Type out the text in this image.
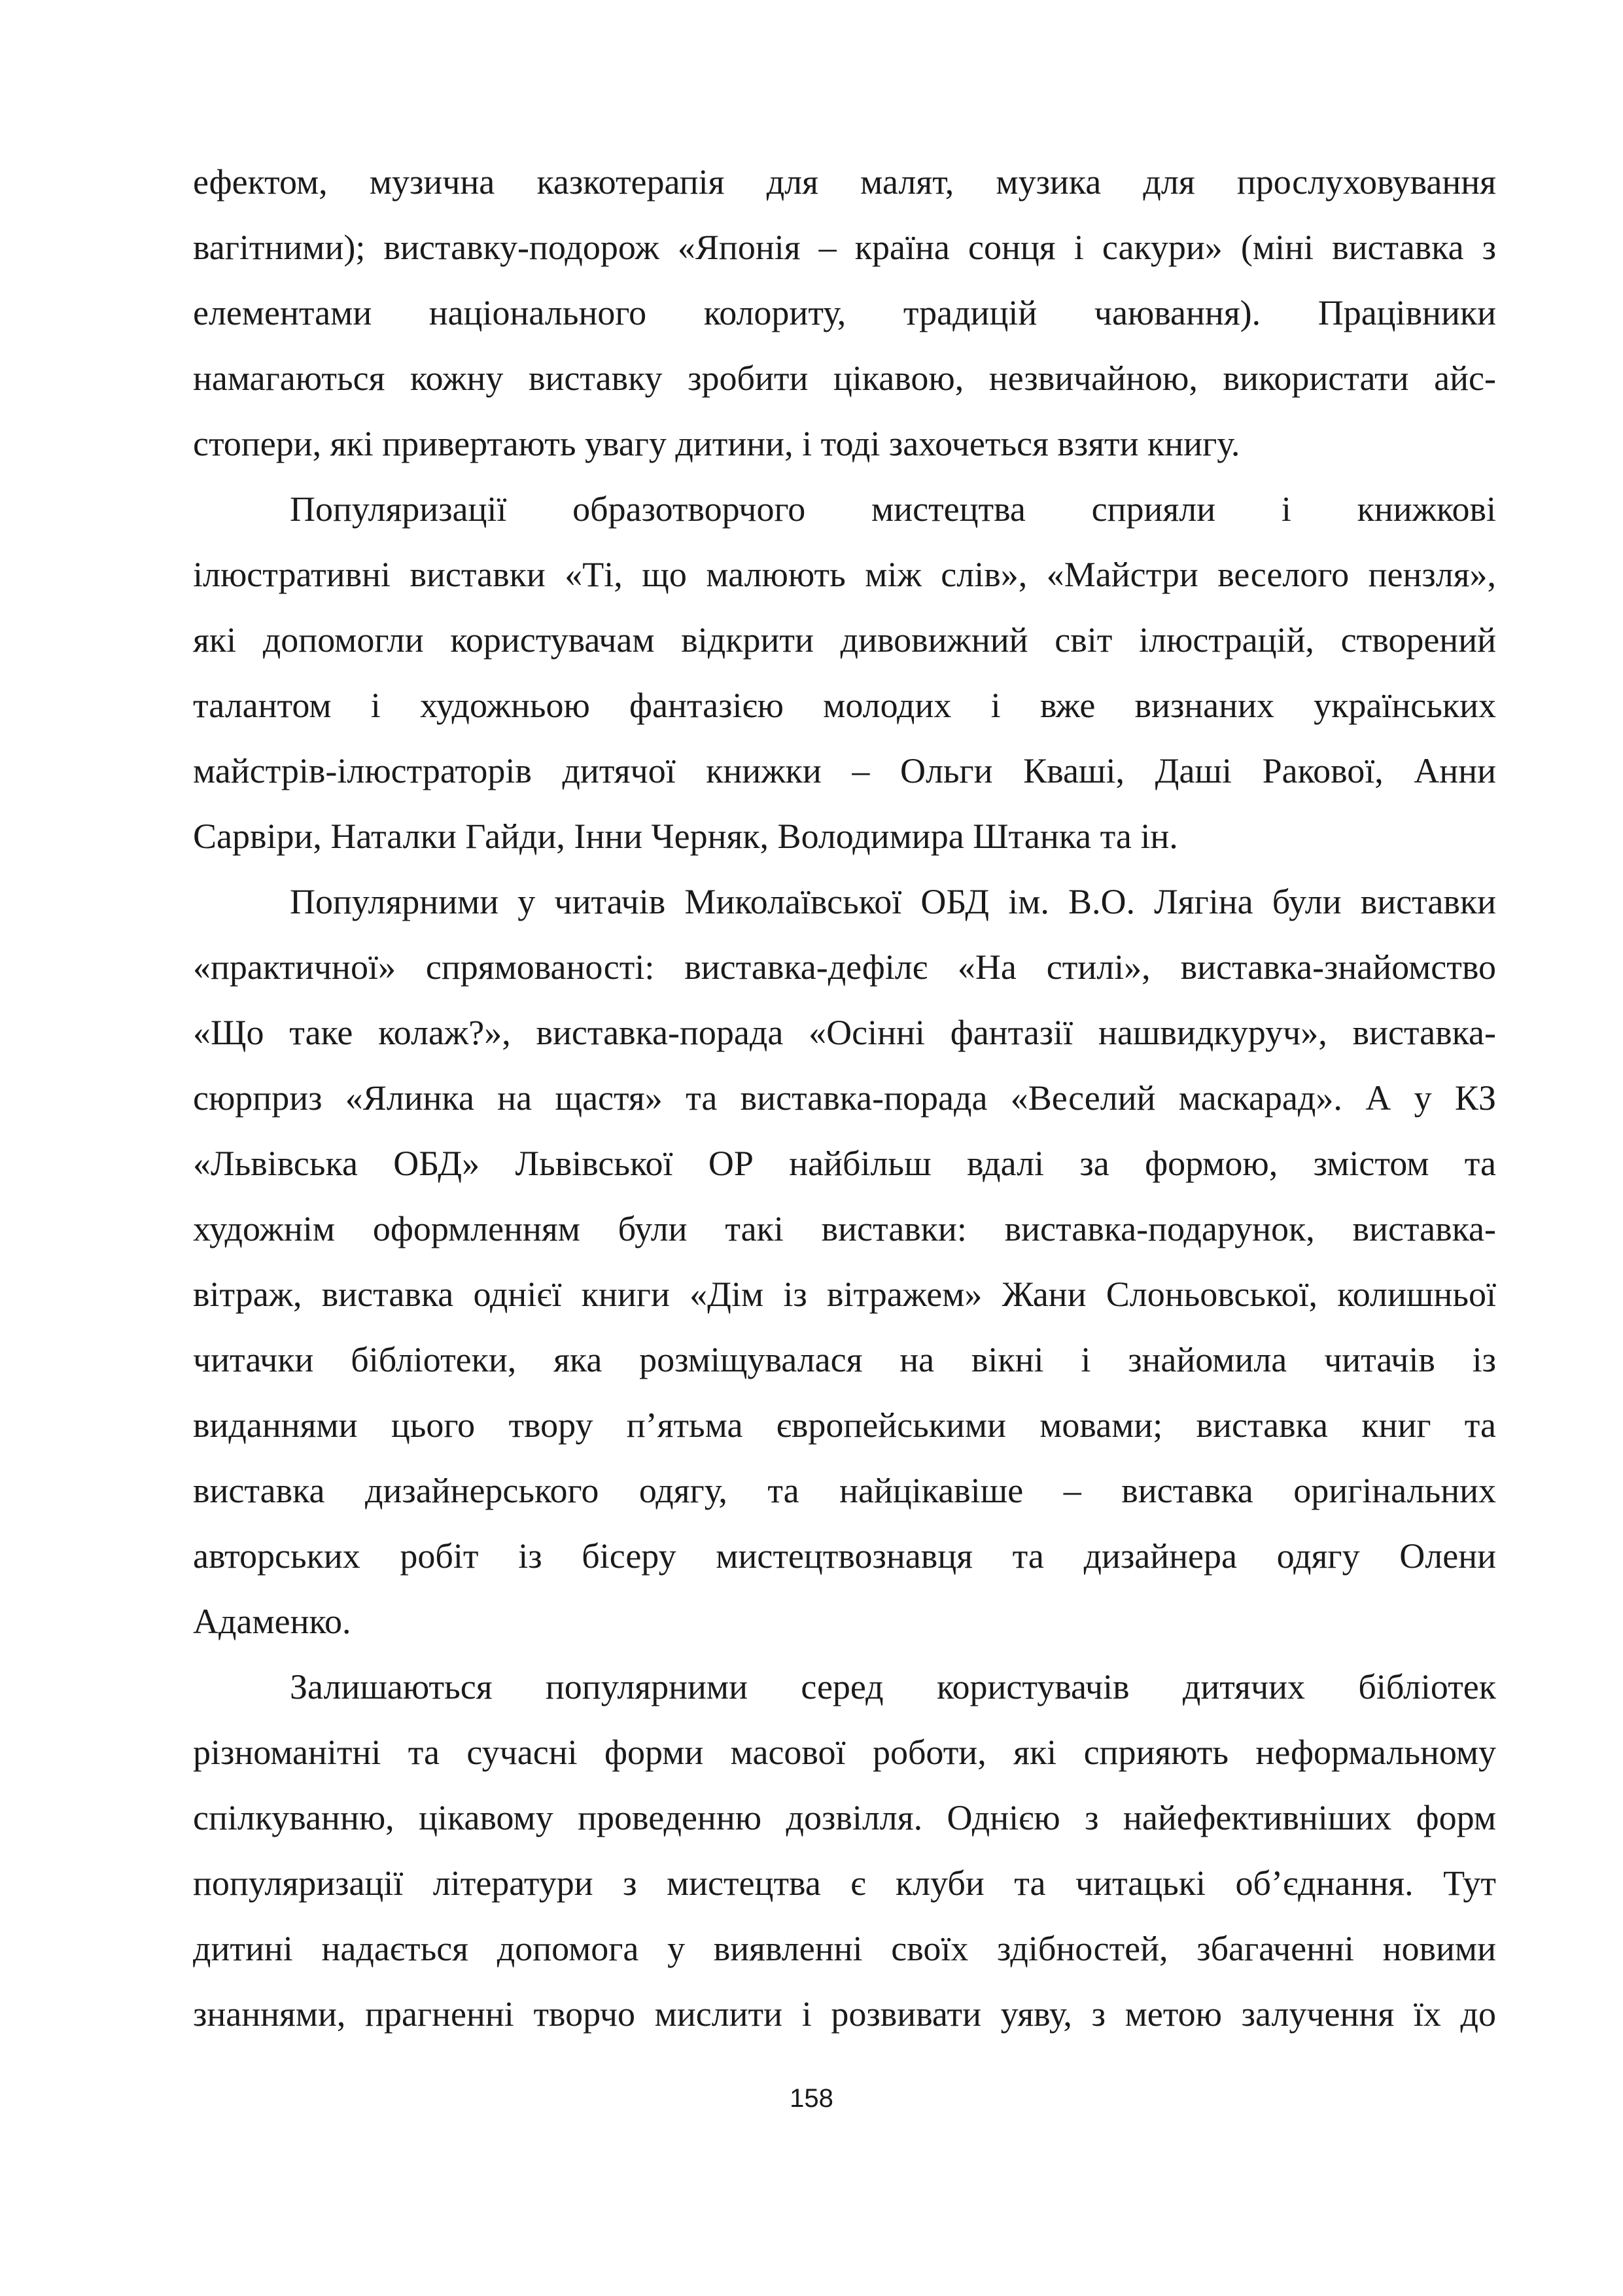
ефектом, музична казкотерапія для малят, музика для прослуховування
вагітними); виставку-подорож «Японія – країна сонця і сакури» (міні виставка з
елементами національного колориту, традицій чаювання). Працівники
намагаються кожну виставку зробити цікавою, незвичайною, використати айс-
стопери, які привертають увагу дитини, і тоді захочеться взяти книгу.
Популяризації образотворчого мистецтва сприяли і книжкові
ілюстративні виставки «Ті, що малюють між слів», «Майстри веселого пензля»,
які допомогли користувачам відкрити дивовижний світ ілюстрацій, створений
талантом і художньою фантазією молодих і вже визнаних українських
майстрів-ілюстраторів дитячої книжки – Ольги Кваші, Даші Ракової, Анни
Сарвіри, Наталки Гайди, Інни Черняк, Володимира Штанка та ін.
Популярними у читачів Миколаївської ОБД ім. В.О. Лягіна були виставки
«практичної» спрямованості: виставка-дефілє «На стилі», виставка-знайомство
«Що таке колаж?», виставка-порада «Осінні фантазії нашвидкуруч», виставка-
сюрприз «Ялинка на щастя» та виставка-порада «Веселий маскарад». А у КЗ
«Львівська ОБД» Львівської ОР найбільш вдалі за формою, змістом та
художнім оформленням були такі виставки: виставка-подарунок, виставка-
вітраж, виставка однієї книги «Дім із вітражем» Жани Слоньовської, колишньої
читачки бібліотеки, яка розміщувалася на вікні і знайомила читачів із
виданнями цього твору п’ятьма європейськими мовами; виставка книг та
виставка дизайнерського одягу, та найцікавіше – виставка оригінальних
авторських робіт із бісеру мистецтвознавця та дизайнера одягу Олени
Адаменко.
Залишаються популярними серед користувачів дитячих бібліотек
різноманітні та сучасні форми масової роботи, які сприяють неформальному
спілкуванню, цікавому проведенню дозвілля. Однією з найефективніших форм
популяризації літератури з мистецтва є клуби та читацькі об’єднання. Тут
дитині надається допомога у виявленні своїх здібностей, збагаченні новими
знаннями, прагненні творчо мислити і розвивати уяву, з метою залучення їх до
158
